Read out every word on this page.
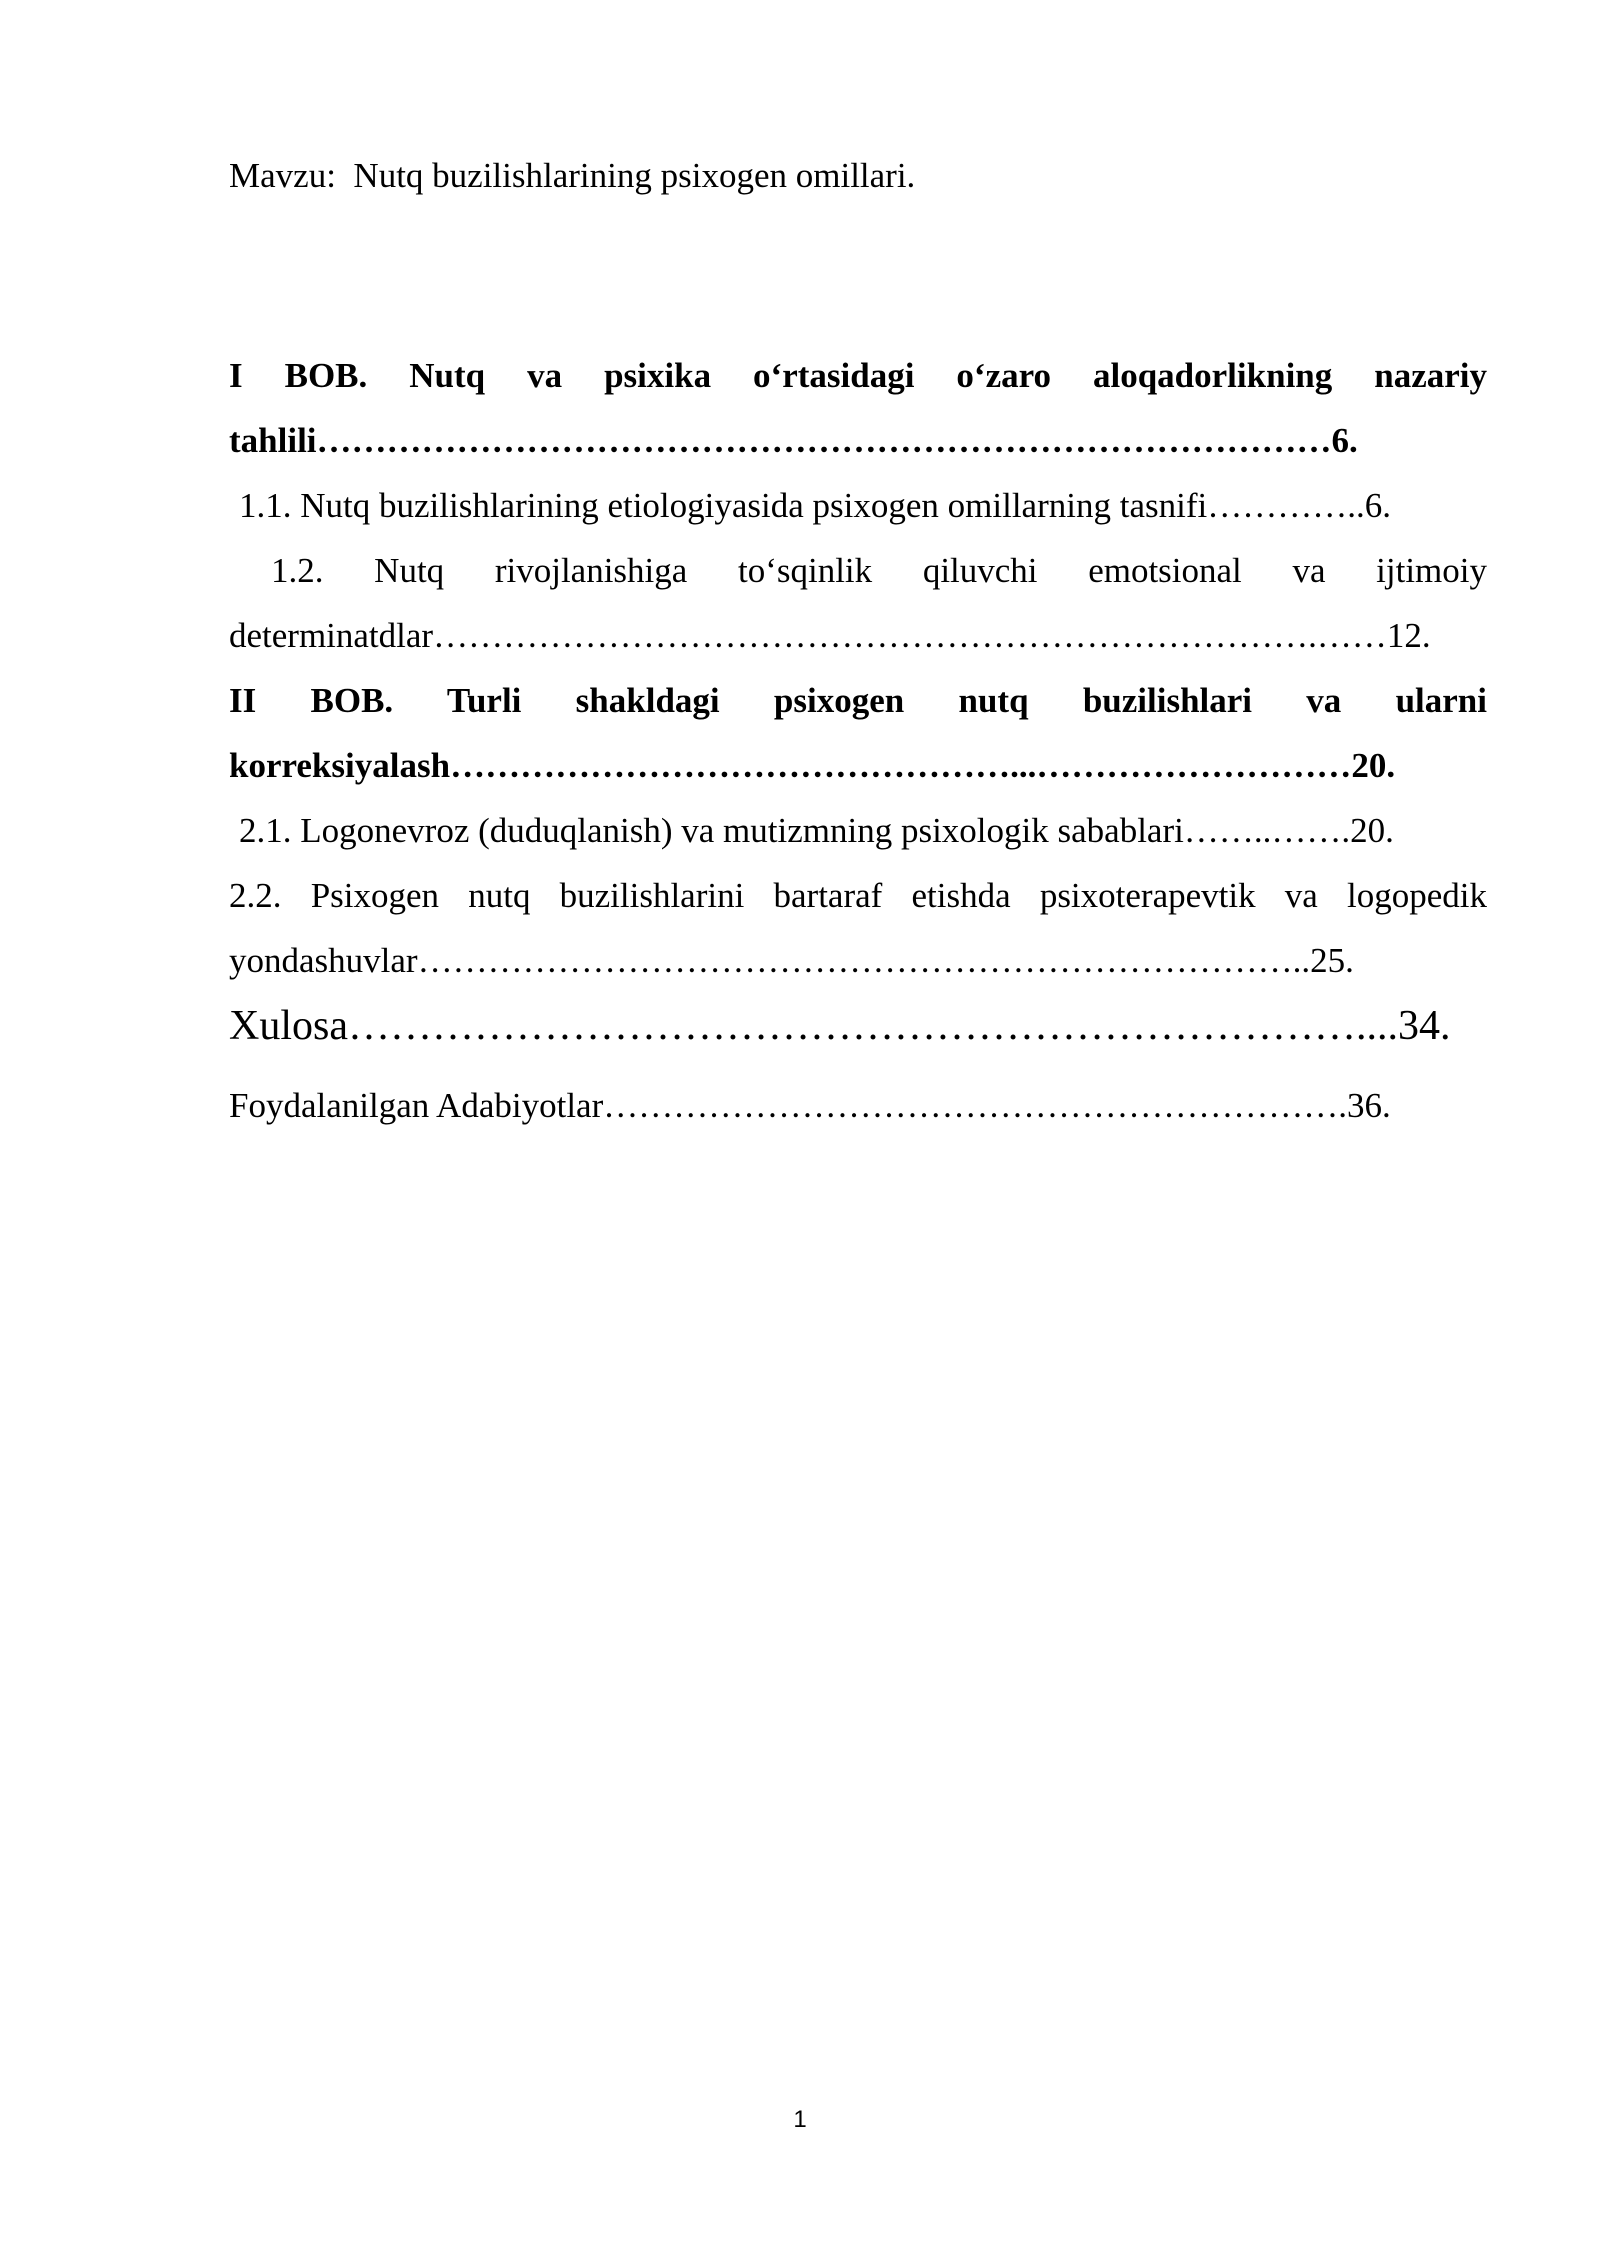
Mavzu: Nutq buzilishlarining psixogen omillari.
I BOB. Nutq va psixika o‘rtasidagi o‘zaro aloqadorlikning nazariy tahlili……………………………………………………………………………6.
1.1. Nutq buzilishlarining etiologiyasida psixogen omillarning tasnifi…………..6.
1.2. Nutq rivojlanishiga to‘sqinlik qiluvchi emotsional va ijtimoiy determinatdlar………………………………………………………………….……12.
II BOB. Turli shakldagi psixogen nutq buzilishlari va ularni korreksiyalash…………………………………………...………………………20.
2.1. Logonevroz (duduqlanish) va mutizmning psixologik sabablari……..…….20.
2.2. Psixogen nutq buzilishlarini bartaraf etishda psixoterapevtik va logopedik yondashuvlar…………………………………………………………………..25.
Xulosa………………………………………………………………....34.
Foydalanilgan Adabiyotlar……………………………………………………….36.
1
